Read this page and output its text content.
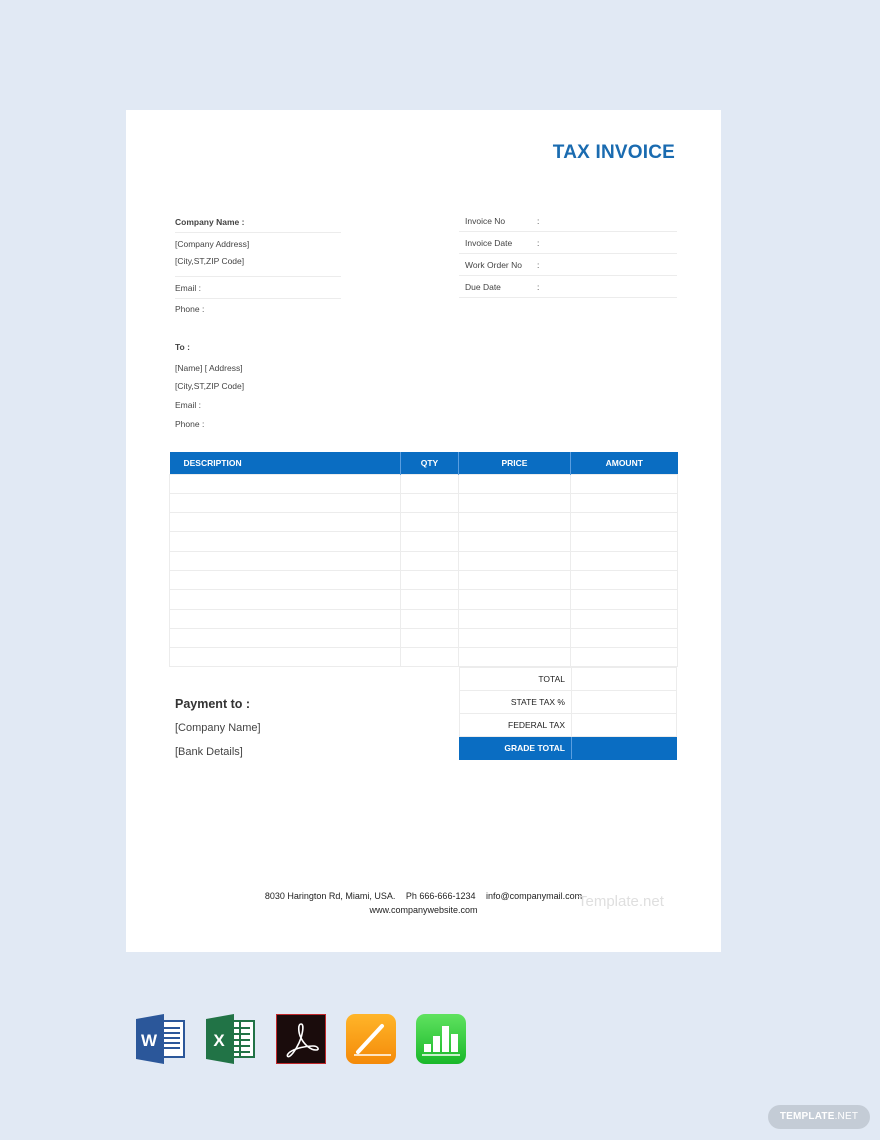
TAX INVOICE
Company Name :
[Company Address]
[City,ST,ZIP Code]
Email :
Phone :
Invoice No	:
Invoice Date	:
Work Order No :
Due Date	:
To :
[Name] [ Address]
[City,ST,ZIP Code]
Email :
Phone :
DESCRIPTION	QTY	PRICE	AMOUNT

TOTAL	
STATE TAX %	
FEDERAL TAX	
GRADE TOTAL	
Payment to :
[Company Name]
[Bank Details]
8030 Harington Rd, Miami, USA. Ph 666-666-1234 info@companymail.com
www.companywebsite.com	Template.net
W	X
TEMPLATE.NET
